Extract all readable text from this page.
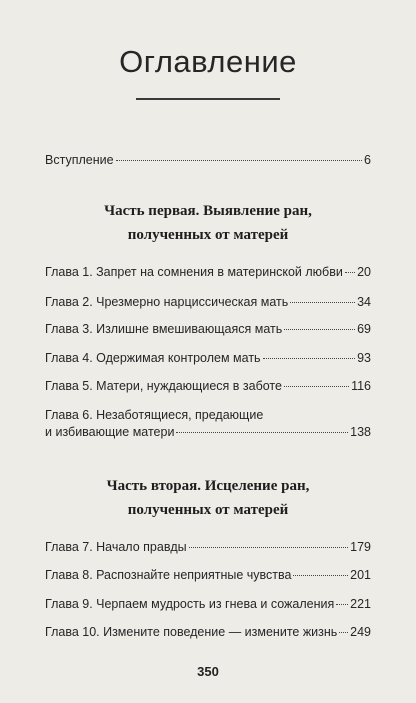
Оглавление
Вступление	6
Часть первая. Выявление ран,
полученных от матерей
Глава 1. Запрет на сомнения в материнской любви 20
Глава 2. Чрезмерно нарциссическая мать	34
Глава 3. Излишне вмешивающаяся мать	69
Глава 4. Одержимая контролем мать	93
Глава 5. Матери, нуждающиеся в заботе	116
Глава 6. Незаботящиеся, предающие
и избивающие матери	138
Часть вторая. Исцеление ран,
полученных от матерей
Глава 7. Начало правды	179
Глава 8. Распознайте неприятные чувства	201
Глава 9. Черпаем мудрость из гнева и сожаления 221
Глава 10. Измените поведение — измените жизнь 249
350
